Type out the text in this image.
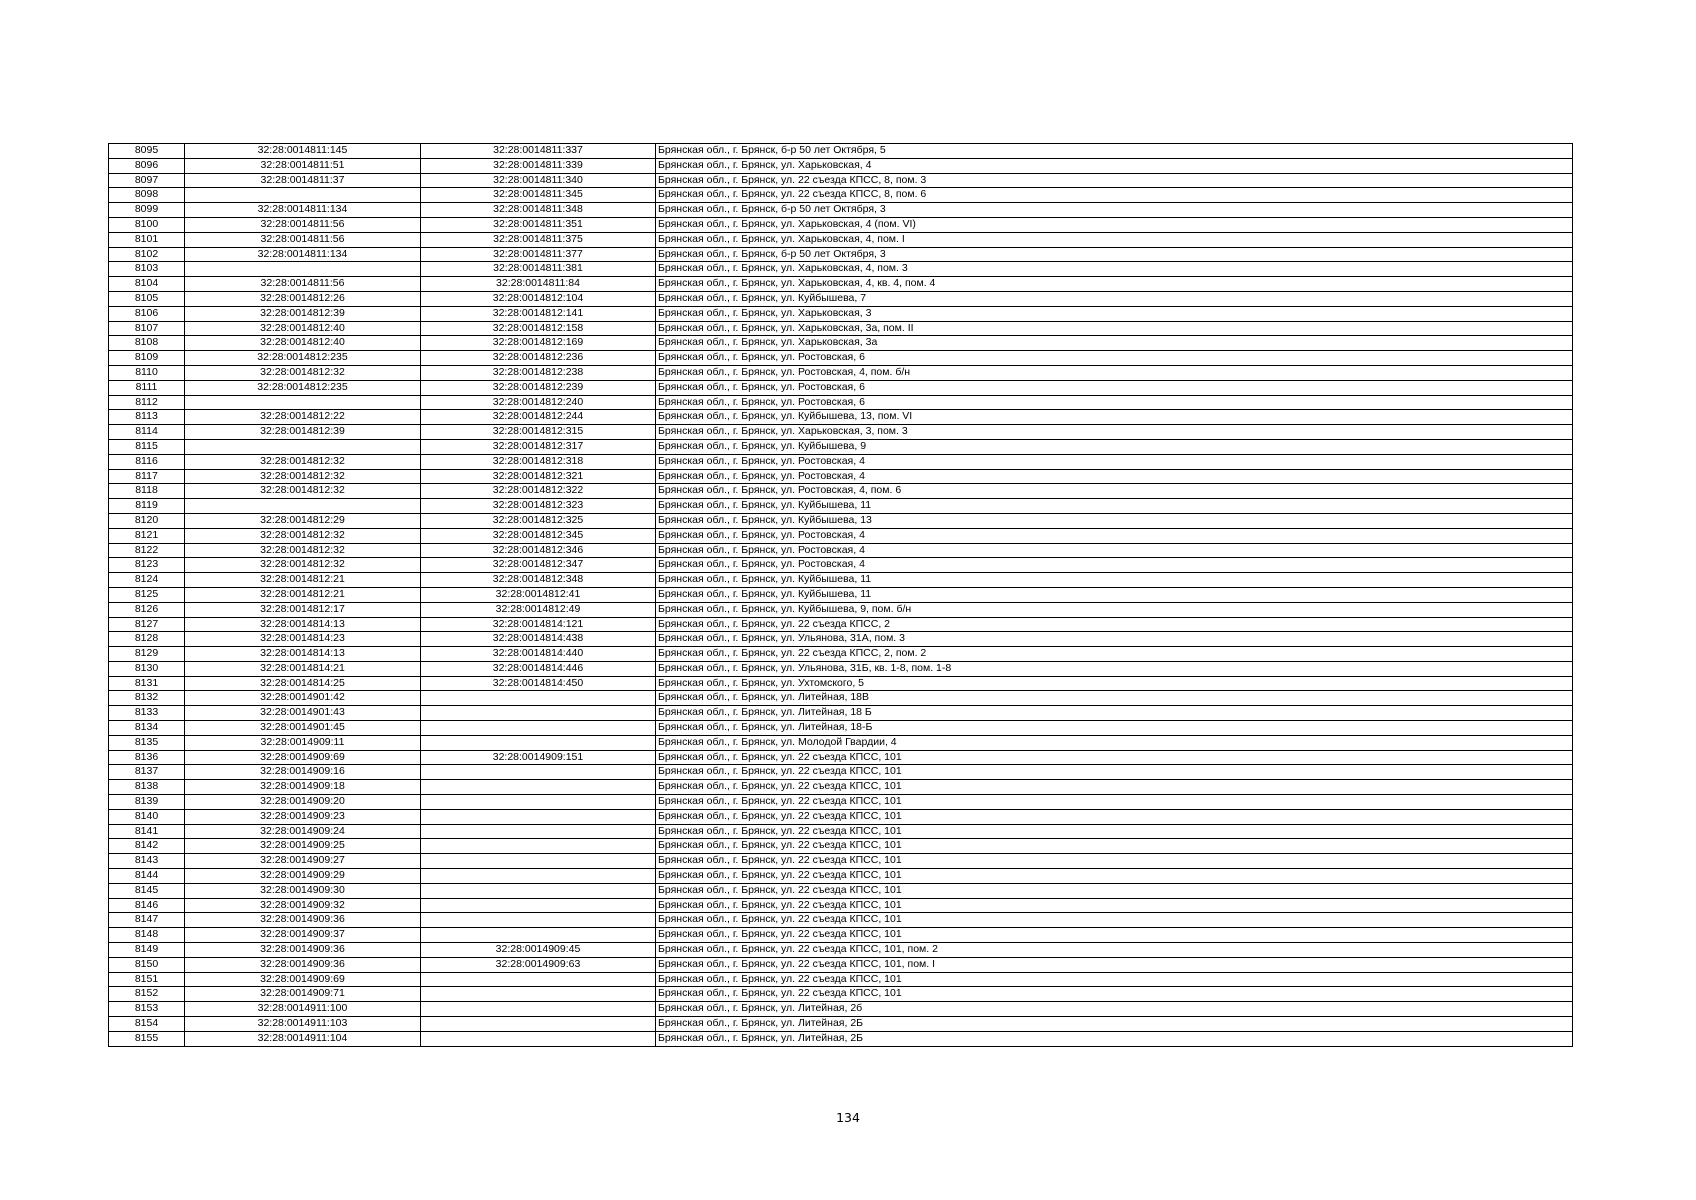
8095	32:28:0014811:145	32:28:0014811:337	Брянская обл., г. Брянск, б-р 50 лет Октября, 5
8096	32:28:0014811:51	32:28:0014811:339	Брянская обл., г. Брянск, ул. Харьковская, 4
8097	32:28:0014811:37	32:28:0014811:340	Брянская обл., г. Брянск, ул. 22 съезда КПСС, 8, пом. 3
8098		32:28:0014811:345	Брянская обл., г. Брянск, ул. 22 съезда КПСС, 8, пом. 6
8099	32:28:0014811:134	32:28:0014811:348	Брянская обл., г. Брянск, б-р 50 лет Октября, 3
8100	32:28:0014811:56	32:28:0014811:351	Брянская обл., г. Брянск, ул. Харьковская, 4 (пом. VI)
8101	32:28:0014811:56	32:28:0014811:375	Брянская обл., г. Брянск, ул. Харьковская, 4, пом. I
8102	32:28:0014811:134	32:28:0014811:377	Брянская обл., г. Брянск, б-р 50 лет Октября, 3
8103		32:28:0014811:381	Брянская обл., г. Брянск, ул. Харьковская, 4, пом. 3
8104	32:28:0014811:56	32:28:0014811:84	Брянская обл., г. Брянск, ул. Харьковская, 4, кв. 4, пом. 4
8105	32:28:0014812:26	32:28:0014812:104	Брянская обл., г. Брянск, ул. Куйбышева, 7
8106	32:28:0014812:39	32:28:0014812:141	Брянская обл., г. Брянск, ул. Харьковская, 3
8107	32:28:0014812:40	32:28:0014812:158	Брянская обл., г. Брянск, ул. Харьковская, 3а, пом. II
8108	32:28:0014812:40	32:28:0014812:169	Брянская обл., г. Брянск, ул. Харьковская, 3а
8109	32:28:0014812:235	32:28:0014812:236	Брянская обл., г. Брянск, ул. Ростовская, 6
8110	32:28:0014812:32	32:28:0014812:238	Брянская обл., г. Брянск, ул. Ростовская, 4, пом. б/н
8111	32:28:0014812:235	32:28:0014812:239	Брянская обл., г. Брянск, ул. Ростовская, 6
8112		32:28:0014812:240	Брянская обл., г. Брянск, ул. Ростовская, 6
8113	32:28:0014812:22	32:28:0014812:244	Брянская обл., г. Брянск, ул. Куйбышева, 13, пом. VI
8114	32:28:0014812:39	32:28:0014812:315	Брянская обл., г. Брянск, ул. Харьковская, 3, пом. 3
8115		32:28:0014812:317	Брянская обл., г. Брянск, ул. Куйбышева, 9
8116	32:28:0014812:32	32:28:0014812:318	Брянская обл., г. Брянск, ул. Ростовская, 4
8117	32:28:0014812:32	32:28:0014812:321	Брянская обл., г. Брянск, ул. Ростовская, 4
8118	32:28:0014812:32	32:28:0014812:322	Брянская обл., г. Брянск, ул. Ростовская, 4, пом. 6
8119		32:28:0014812:323	Брянская обл., г. Брянск, ул. Куйбышева, 11
8120	32:28:0014812:29	32:28:0014812:325	Брянская обл., г. Брянск, ул. Куйбышева, 13
8121	32:28:0014812:32	32:28:0014812:345	Брянская обл., г. Брянск, ул. Ростовская, 4
8122	32:28:0014812:32	32:28:0014812:346	Брянская обл., г. Брянск, ул. Ростовская, 4
8123	32:28:0014812:32	32:28:0014812:347	Брянская обл., г. Брянск, ул. Ростовская, 4
8124	32:28:0014812:21	32:28:0014812:348	Брянская обл., г. Брянск, ул. Куйбышева, 11
8125	32:28:0014812:21	32:28:0014812:41	Брянская обл., г. Брянск, ул. Куйбышева, 11
8126	32:28:0014812:17	32:28:0014812:49	Брянская обл., г. Брянск, ул. Куйбышева, 9, пом. б/н
8127	32:28:0014814:13	32:28:0014814:121	Брянская обл., г. Брянск, ул. 22 съезда КПСС, 2
8128	32:28:0014814:23	32:28:0014814:438	Брянская обл., г. Брянск, ул. Ульянова, 31А, пом. 3
8129	32:28:0014814:13	32:28:0014814:440	Брянская обл., г. Брянск, ул. 22 съезда КПСС, 2, пом. 2
8130	32:28:0014814:21	32:28:0014814:446	Брянская обл., г. Брянск, ул. Ульянова, 31Б, кв. 1-8, пом. 1-8
8131	32:28:0014814:25	32:28:0014814:450	Брянская обл., г. Брянск, ул. Ухтомского, 5
8132	32:28:0014901:42		Брянская обл., г. Брянск, ул. Литейная, 18В
8133	32:28:0014901:43		Брянская обл., г. Брянск, ул. Литейная, 18 Б
8134	32:28:0014901:45		Брянская обл., г. Брянск, ул. Литейная, 18-Б
8135	32:28:0014909:11		Брянская обл., г. Брянск, ул. Молодой Гвардии, 4
8136	32:28:0014909:69	32:28:0014909:151	Брянская обл., г. Брянск, ул. 22 съезда КПСС, 101
8137	32:28:0014909:16		Брянская обл., г. Брянск, ул. 22 съезда КПСС, 101
8138	32:28:0014909:18		Брянская обл., г. Брянск, ул. 22 съезда КПСС, 101
8139	32:28:0014909:20		Брянская обл., г. Брянск, ул. 22 съезда КПСС, 101
8140	32:28:0014909:23		Брянская обл., г. Брянск, ул. 22 съезда КПСС, 101
8141	32:28:0014909:24		Брянская обл., г. Брянск, ул. 22 съезда КПСС, 101
8142	32:28:0014909:25		Брянская обл., г. Брянск, ул. 22 съезда КПСС, 101
8143	32:28:0014909:27		Брянская обл., г. Брянск, ул. 22 съезда КПСС, 101
8144	32:28:0014909:29		Брянская обл., г. Брянск, ул. 22 съезда КПСС, 101
8145	32:28:0014909:30		Брянская обл., г. Брянск, ул. 22 съезда КПСС, 101
8146	32:28:0014909:32		Брянская обл., г. Брянск, ул. 22 съезда КПСС, 101
8147	32:28:0014909:36		Брянская обл., г. Брянск, ул. 22 съезда КПСС, 101
8148	32:28:0014909:37		Брянская обл., г. Брянск, ул. 22 съезда КПСС, 101
8149	32:28:0014909:36	32:28:0014909:45	Брянская обл., г. Брянск, ул. 22 съезда КПСС, 101, пом. 2
8150	32:28:0014909:36	32:28:0014909:63	Брянская обл., г. Брянск, ул. 22 съезда КПСС, 101, пом. I
8151	32:28:0014909:69		Брянская обл., г. Брянск, ул. 22 съезда КПСС, 101
8152	32:28:0014909:71		Брянская обл., г. Брянск, ул. 22 съезда КПСС, 101
8153	32:28:0014911:100		Брянская обл., г. Брянск, ул. Литейная, 2б
8154	32:28:0014911:103		Брянская обл., г. Брянск, ул. Литейная, 2Б
8155	32:28:0014911:104		Брянская обл., г. Брянск, ул. Литейная, 2Б
134
